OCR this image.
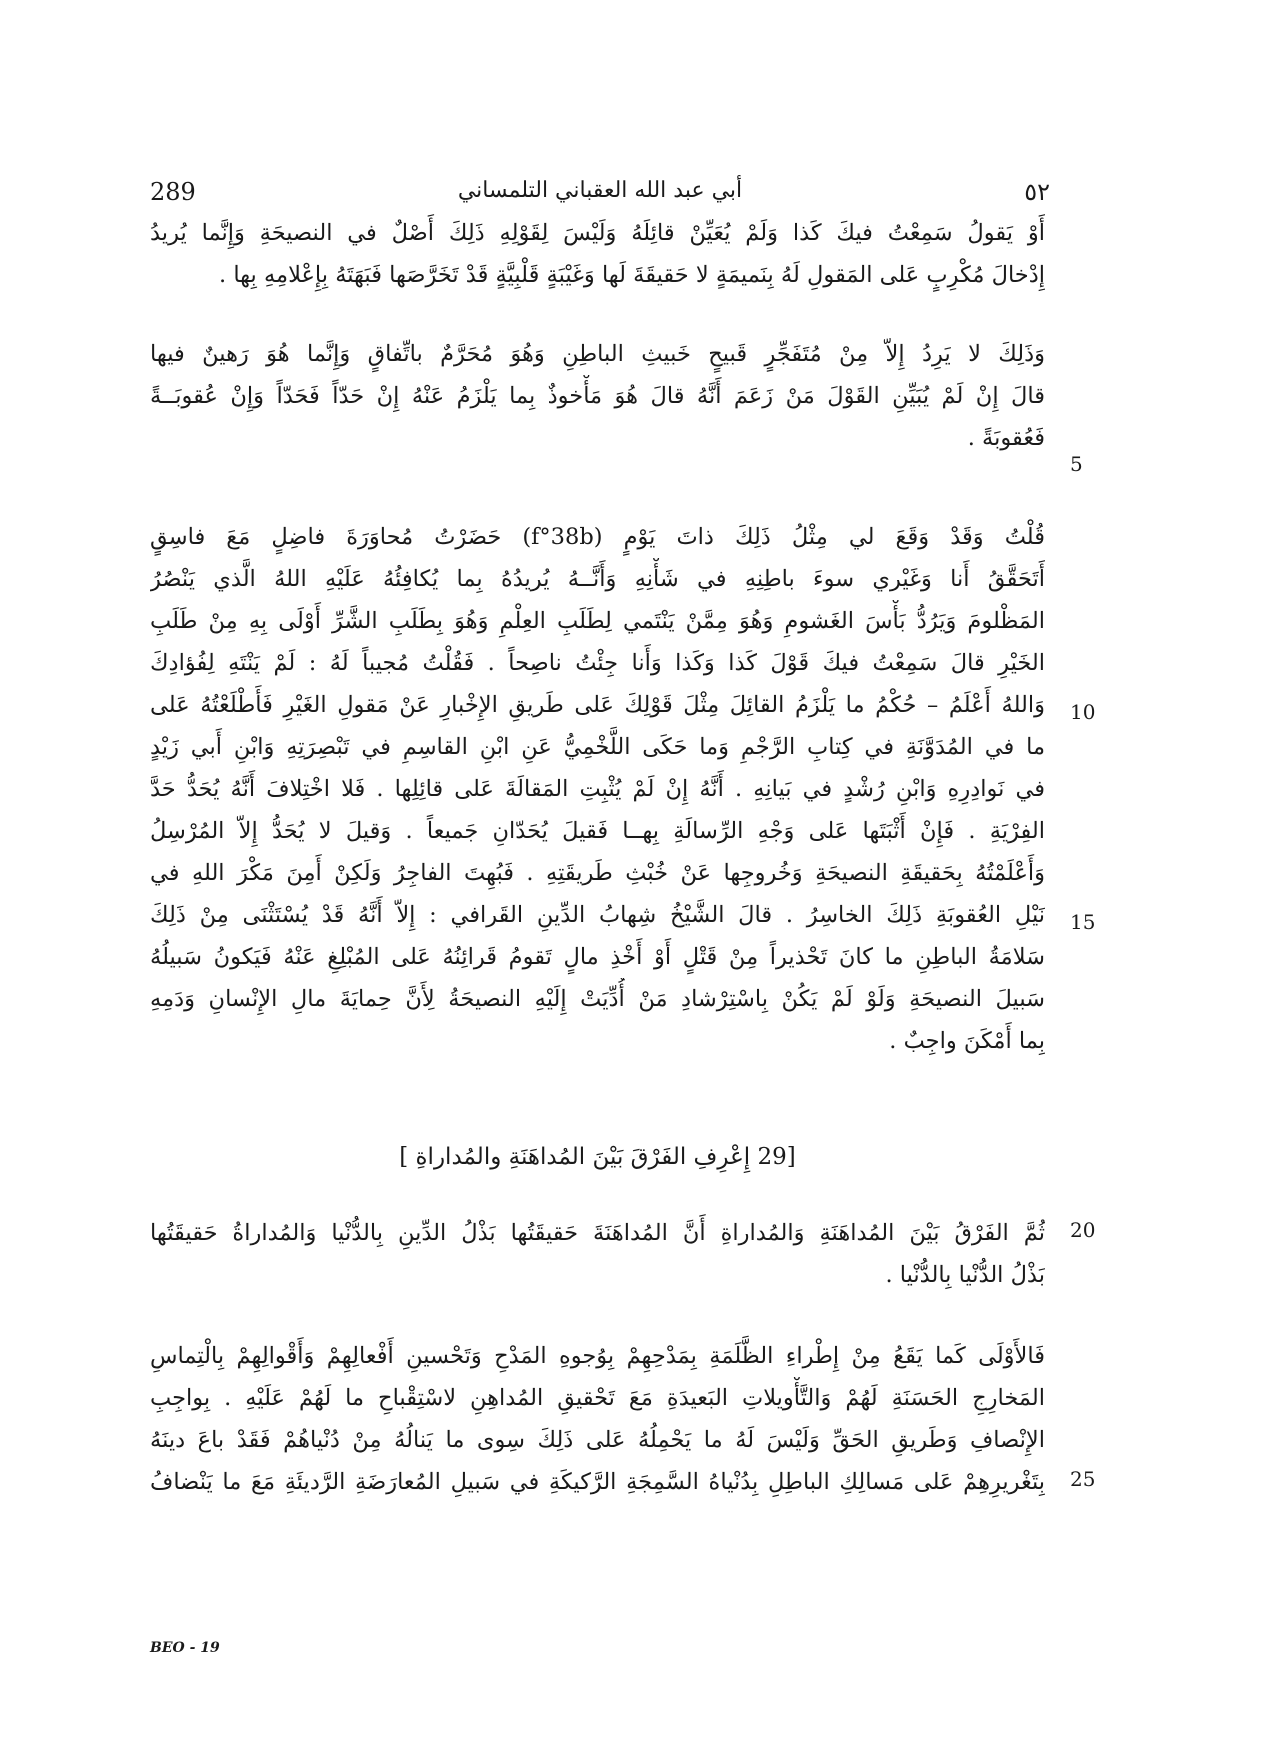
289	أبي عبد الله العقباني التلمساني	٥٢
أَوْ يَقولُ سَمِعْتُ فيكَ كَذا وَلَمْ يُعَيِّنْ قائِلَهُ وَلَيْسَ لِقَوْلِهِ ذَلِكَ أَصْلٌ في النصيحَةِ وَإِنَّما يُريدُ
إِدْخالَ مُكْرِبٍ عَلى المَقولِ لَهُ بِنَميمَةٍ لا حَقيقَةَ لَها وَغَيْبَةٍ قَلْبِيَّةٍ قَدْ تَخَرَّصَها فَبَهَتَهُ بِإِعْلامِهِ بِها .
وَذَلِكَ لا يَرِدُ إِلاّ مِنْ مُتَفَجِّرٍ قَبيحٍ خَبيثِ الباطِنِ وَهُوَ مُحَرَّمٌ باتِّفاقٍ وَإِنَّما هُوَ رَهينٌ فيها
قالَ إِنْ لَمْ يُبَيِّنِ القَوْلَ مَنْ زَعَمَ أَنَّهُ قالَ هُوَ مَأْخوذٌ بِما يَلْزَمُ عَنْهُ إِنْ حَدّاً فَحَدّاً وَإِنْ عُقوبَــةً
فَعُقوبَةً .
5
قُلْتُ وَقَدْ وَقَعَ لي مِثْلُ ذَلِكَ ذاتَ يَوْمٍ (f°38b) حَضَرْتُ مُحاوَرَةَ فاضِلٍ مَعَ فاسِقٍ
أَتَحَقَّقُ أَنا وَغَيْري سوءَ باطِنِهِ في شَأْنِهِ وَأَنَّــهُ يُريدُهُ بِما يُكافِئُهُ عَلَيْهِ اللهُ الَّذي يَنْصُرُ
المَظْلومَ وَيَرُدُّ بَأْسَ الغَشومِ وَهُوَ مِمَّنْ يَنْتَمي لِطَلَبِ العِلْمِ وَهُوَ بِطَلَبِ الشَّرِّ أَوْلَى بِهِ مِنْ طَلَبِ
الخَيْرِ قالَ سَمِعْتُ فيكَ قَوْلَ كَذا وَكَذا وَأَنا جِئْتُ ناصِحاً . فَقُلْتُ مُجيباً لَهُ : لَمْ يَنْتَهِ لِفُؤادِكَ
وَاللهُ أَعْلَمُ – حُكْمُ ما يَلْزَمُ القائِلَ مِثْلَ قَوْلِكَ عَلى طَريقِ الإِخْبارِ عَنْ مَقولِ الغَيْرِ فَأَطْلَعْتُهُ عَلى
ما في المُدَوَّنَةِ في كِتابِ الرَّجْمِ وَما حَكَى اللَّخْمِيُّ عَنِ ابْنِ القاسِمِ في تَبْصِرَتِهِ وَابْنِ أَبي زَيْدٍ
في نَوادِرِهِ وَابْنِ رُشْدٍ في بَيانِهِ . أَنَّهُ إِنْ لَمْ يُثْبِتِ المَقالَةَ عَلى قائِلِها . فَلا اخْتِلافَ أَنَّهُ يُحَدُّ حَدَّ
الفِرْيَةِ . فَإِنْ أَثْبَتَها عَلى وَجْهِ الرِّسالَةِ بِهــا فَقيلَ يُحَدّانِ جَميعاً . وَقيلَ لا يُحَدُّ إِلاّ المُرْسِلُ
وَأَعْلَمْتُهُ بِحَقيقَةِ النصيحَةِ وَخُروجِها عَنْ خُبْثِ طَريقَتِهِ . فَبُهِتَ الفاجِرُ وَلَكِنْ أَمِنَ مَكْرَ اللهِ في
نَيْلِ العُقوبَةِ ذَلِكَ الخاسِرُ . قالَ الشَّيْخُ شِهابُ الدِّينِ القَرافي : إِلاّ أَنَّهُ قَدْ يُسْتَثْنَى مِنْ ذَلِكَ
سَلامَةُ الباطِنِ ما كانَ تَحْذيراً مِنْ قَتْلٍ أَوْ أَخْذِ مالٍ تَقومُ قَرائِنُهُ عَلى المُبْلِغِ عَنْهُ فَيَكونُ سَبيلُهُ
سَبيلَ النصيحَةِ وَلَوْ لَمْ يَكُنْ بِاسْتِرْشادِ مَنْ أُدِّيَتْ إِلَيْهِ النصيحَةُ لِأَنَّ حِمايَةَ مالِ الإِنْسانِ وَدَمِهِ
بِما أَمْكَنَ واجِبٌ .
10
15
[29 إِعْرِفِ الفَرْقَ بَيْنَ المُداهَنَةِ والمُداراةِ ]
ثُمَّ الفَرْقُ بَيْنَ المُداهَنَةِ وَالمُداراةِ أَنَّ المُداهَنَةَ حَقيقَتُها بَذْلُ الدِّينِ بِالدُّنْيا وَالمُداراةُ حَقيقَتُها
بَذْلُ الدُّنْيا بِالدُّنْيا .
20
فَالأَوْلَى كَما يَقَعُ مِنْ إِطْراءِ الظَّلَمَةِ بِمَدْحِهِمْ بِوُجوهِ المَدْحِ وَتَحْسينِ أَفْعالِهِمْ وَأَقْوالِهِمْ بِالْتِماسِ
المَخارِجِ الحَسَنَةِ لَهُمْ وَالتَّأْويلاتِ البَعيدَةِ مَعَ تَحْقيقِ المُداهِنِ لاسْتِقْباحِ ما لَهُمْ عَلَيْهِ . بِواجِبِ
الإِنْصافِ وَطَريقِ الحَقِّ وَلَيْسَ لَهُ ما يَحْمِلُهُ عَلى ذَلِكَ سِوى ما يَنالُهُ مِنْ دُنْياهُمْ فَقَدْ باعَ دينَهُ
بِتَغْريرِهِمْ عَلى مَسالِكِ الباطِلِ بِدُنْياهُ السَّمِجَةِ الرَّكيكَةِ في سَبيلِ المُعارَضَةِ الرَّديئَةِ مَعَ ما يَنْضافُ 25
BEO - 19
